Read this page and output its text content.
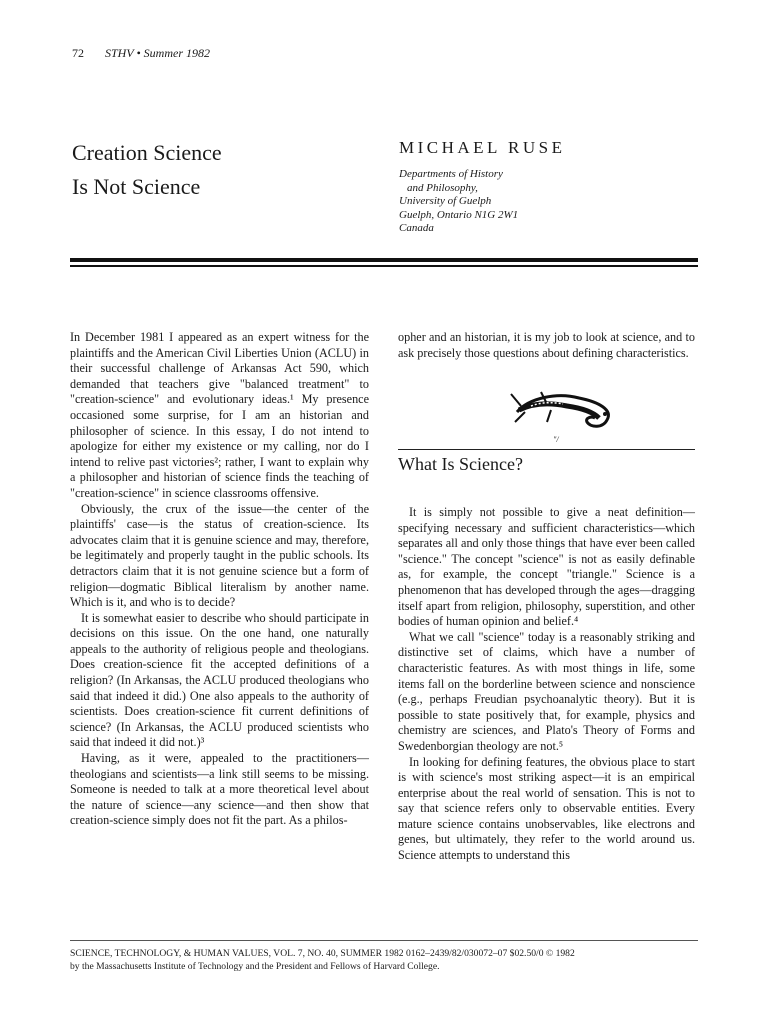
72 STHV • Summer 1982
Creation Science
Is Not Science
MICHAEL RUSE
Departments of History
and Philosophy,
University of Guelph
Guelph, Ontario N1G 2W1
Canada

In December 1981 I appeared as an expert witness for the plaintiffs and the American Civil Liberties Union (ACLU) in their successful challenge of Arkansas Act 590, which demanded that teachers give "balanced treatment" to "creation-science" and evolutionary ideas.¹ My presence occasioned some surprise, for I am an historian and philosopher of science. In this essay, I do not intend to apologize for either my existence or my calling, nor do I intend to relive past victories²; rather, I want to explain why a philosopher and historian of science finds the teaching of "creation-science" in science classrooms offensive.

Obviously, the crux of the issue—the center of the plaintiffs' case—is the status of creation-science. Its advocates claim that it is genuine science and may, therefore, be legitimately and properly taught in the public schools. Its detractors claim that it is not genuine science but a form of religion—dogmatic Biblical literalism by another name. Which is it, and who is to decide?

It is somewhat easier to describe who should participate in decisions on this issue. On the one hand, one naturally appeals to the authority of religious people and theologians. Does creation-science fit the accepted definitions of a religion? (In Arkansas, the ACLU produced theologians who said that indeed it did.) One also appeals to the authority of scientists. Does creation-science fit current definitions of science? (In Arkansas, the ACLU produced scientists who said that indeed it did not.)³

Having, as it were, appealed to the practitioners—theologians and scientists—a link still seems to be missing. Someone is needed to talk at a more theoretical level about the nature of science—any science—and then show that creation-science simply does not fit the part. As a philos-

opher and an historian, it is my job to look at science, and to ask precisely those questions about defining characteristics.

"/
What Is Science?

It is simply not possible to give a neat definition—specifying necessary and sufficient characteristics—which separates all and only those things that have ever been called "science." The concept "science" is not as easily definable as, for example, the concept "triangle." Science is a phenomenon that has developed through the ages—dragging itself apart from religion, philosophy, superstition, and other bodies of human opinion and belief.⁴

What we call "science" today is a reasonably striking and distinctive set of claims, which have a number of characteristic features. As with most things in life, some items fall on the borderline between science and nonscience (e.g., perhaps Freudian psychoanalytic theory). But it is possible to state positively that, for example, physics and chemistry are sciences, and Plato's Theory of Forms and Swedenborgian theology are not.⁵

In looking for defining features, the obvious place to start is with science's most striking aspect—it is an empirical enterprise about the real world of sensation. This is not to say that science refers only to observable entities. Every mature science contains unobservables, like electrons and genes, but ultimately, they refer to the world around us. Science attempts to understand this

SCIENCE, TECHNOLOGY, & HUMAN VALUES, VOL. 7, NO. 40, SUMMER 1982 0162–2439/82/030072–07 $02.50/0 © 1982
by the Massachusetts Institute of Technology and the President and Fellows of Harvard College.
